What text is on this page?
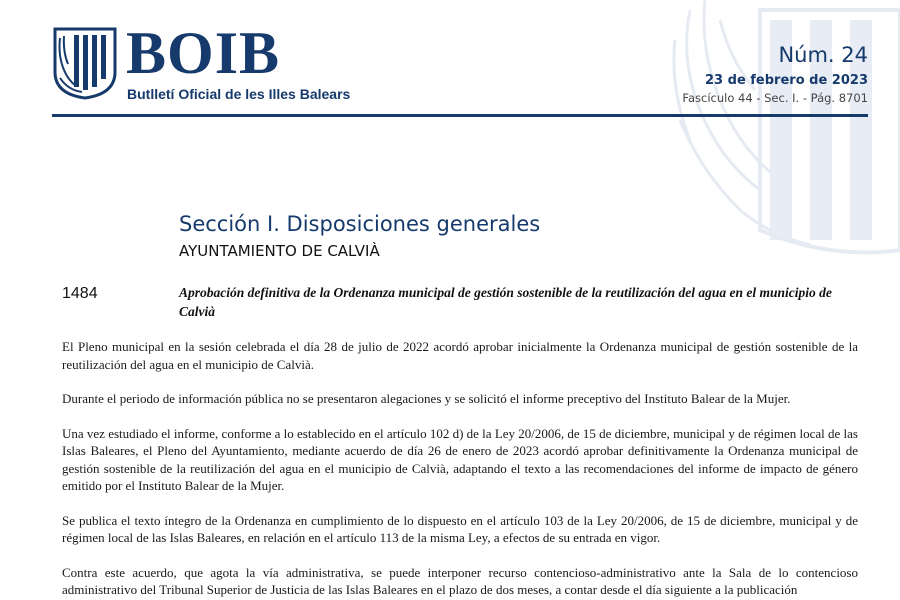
BOIB
Butlletí Oficial de les Illes Balears
Núm. 24
23 de febrero de 2023
Fascículo 44 - Sec. I. - Pág. 8701
Sección I. Disposiciones generales
AYUNTAMIENTO DE CALVIÀ
1484	Aprobación definitiva de la Ordenanza municipal de gestión sostenible de la reutilización del agua en el municipio de Calvià

El Pleno municipal en la sesión celebrada el día 28 de julio de 2022 acordó aprobar inicialmente la Ordenanza municipal de gestión sostenible de la reutilización del agua en el municipio de Calvià.

Durante el periodo de información pública no se presentaron alegaciones y se solicitó el informe preceptivo del Instituto Balear de la Mujer.

Una vez estudiado el informe, conforme a lo establecido en el artículo 102 d) de la Ley 20/2006, de 15 de diciembre, municipal y de régimen local de las Islas Baleares, el Pleno del Ayuntamiento, mediante acuerdo de día 26 de enero de 2023 acordó aprobar definitivamente la Ordenanza municipal de gestión sostenible de la reutilización del agua en el municipio de Calvià, adaptando el texto a las recomendaciones del informe de impacto de género emitido por el Instituto Balear de la Mujer.

Se publica el texto íntegro de la Ordenanza en cumplimiento de lo dispuesto en el artículo 103 de la Ley 20/2006, de 15 de diciembre, municipal y de régimen local de las Islas Baleares, en relación en el artículo 113 de la misma Ley, a efectos de su entrada en vigor.

Contra este acuerdo, que agota la vía administrativa, se puede interponer recurso contencioso-administrativo ante la Sala de lo contencioso administrativo del Tribunal Superior de Justicia de las Islas Baleares en el plazo de dos meses, a contar desde el día siguiente a la publicación
